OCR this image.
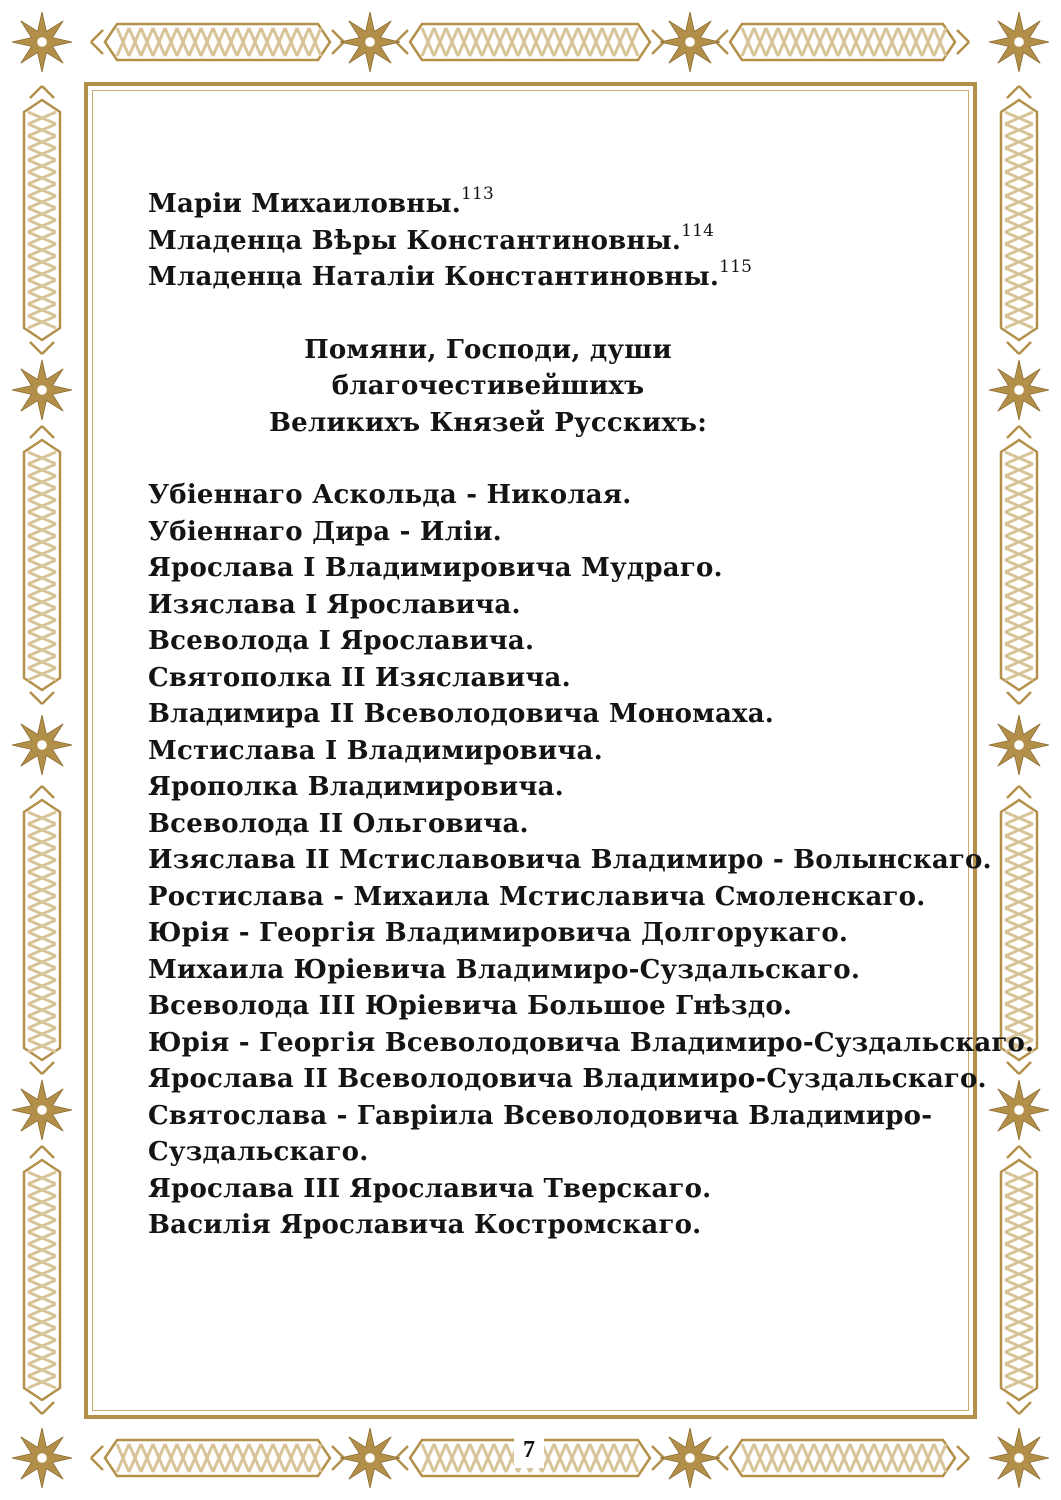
Маріи Михаиловны.$^{113}$
Младенца Вѣры Константиновны.$^{114}$
Младенца Наталіи Константиновны.$^{115}$
Помяни, Господи, души благочестивейшихъ
Великихъ Князей Русскихъ:
Убіеннаго Аскольда - Николая.
Убіеннаго Дира - Иліи.
Ярослава I Владимировича Мудраго.
Изяслава I Ярославича.
Всеволода I Ярославича.
Святополка II Изяславича.
Владимира II Всеволодовича Мономаха.
Мстислава I Владимировича.
Ярополка Владимировича.
Всеволода II Ольговича.
Изяслава II Мстиславовича Владимиро - Волынскаго.
Ростислава - Михаила Мстиславича Смоленскаго.
Юрія - Георгія Владимировича Долгорукаго.
Михаила Юріевича Владимиро-Суздальскаго.
Всеволода III Юріевича Большое Гнѣздо.
Юрія - Георгія Всеволодовича Владимиро-Суздальскаго.
Ярослава II Всеволодовича Владимиро-Суздальскаго.
Святослава - Гавріила Всеволодовича Владимиро-
Суздальскаго.
Ярослава III Ярославича Тверскаго.
Василія Ярославича Костромскаго.
7
